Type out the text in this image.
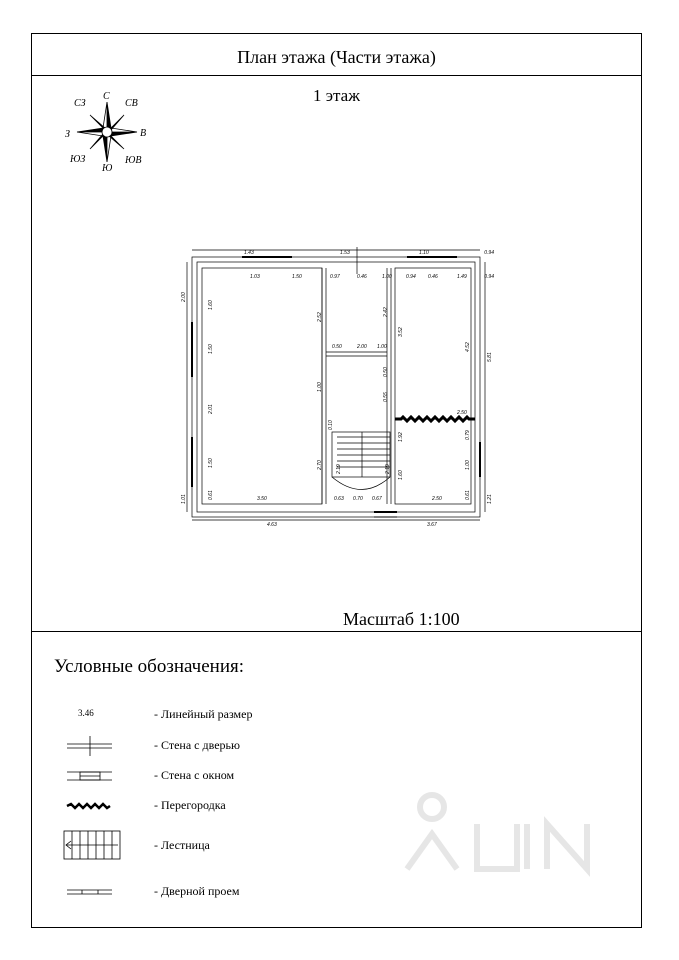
План этажа (Части этажа)
1 этаж
С
СВ
В
ЮВ
Ю
ЮЗ
З
СЗ
1.43	1.53	1.10	0.94
1.03	1.50	0.97	0.46	1.00	0.94 0.46	1.49	0.94
2.50
0.50	2.00 1.00
3.50	0.63 0.70 0.67	2.50
4.63	3.67
2.00
1.01
1.60
1.50
2.01
1.50
0.61
5.81
1.21
3.52
4.52
0.79
1.00
0.61
2.52
2.42
1.00
0.50
0.55
0.10
2.70
1.92
1.60
2.19	2.19
Масштаб 1:100
Условные обозначения:
3.46	- Линейный размер
- Стена с дверью
- Стена с окном
- Перегородка
- Лестница
- Дверной проем
